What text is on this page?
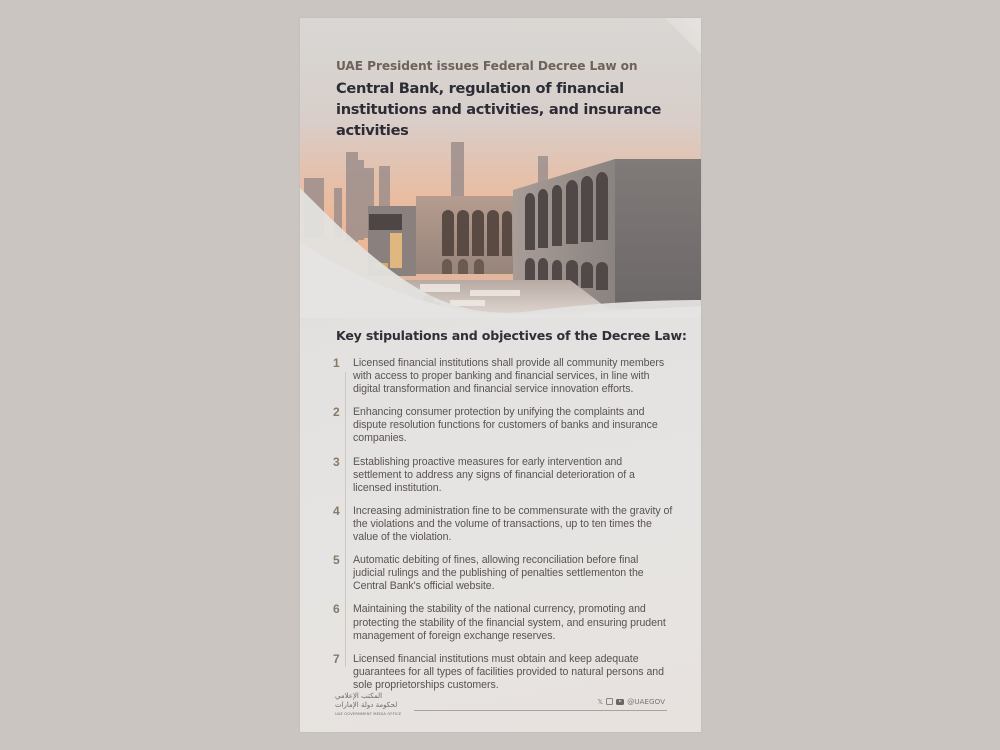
UAE President issues Federal Decree Law on
Central Bank, regulation of financial institutions and activities, and insurance activities
Key stipulations and objectives of the Decree Law:
1	Licensed financial institutions shall provide all community members with access to proper banking and financial services, in line with digital transformation and financial service innovation efforts.
2	Enhancing consumer protection by unifying the complaints and dispute resolution functions for customers of banks and insurance companies.
3	Establishing proactive measures for early intervention and settlement to address any signs of financial deterioration of a licensed institution.
4	Increasing administration fine to be commensurate with the gravity of the violations and the volume of transactions, up to ten times the value of the violation.
5	Automatic debiting of fines, allowing reconciliation before final judicial rulings and the publishing of penalties settlementon the Central Bank's official website.
6	Maintaining the stability of the national currency, promoting and protecting the stability of the financial system, and ensuring prudent management of foreign exchange reserves.
7	Licensed financial institutions must obtain and keep adequate guarantees for all types of facilities provided to natural persons and sole proprietorships customers.
المكتب الإعلامي
لحكومة دولة الإمارات
UAE GOVERNMENT MEDIA OFFICE
𝕏	@UAEGOV
